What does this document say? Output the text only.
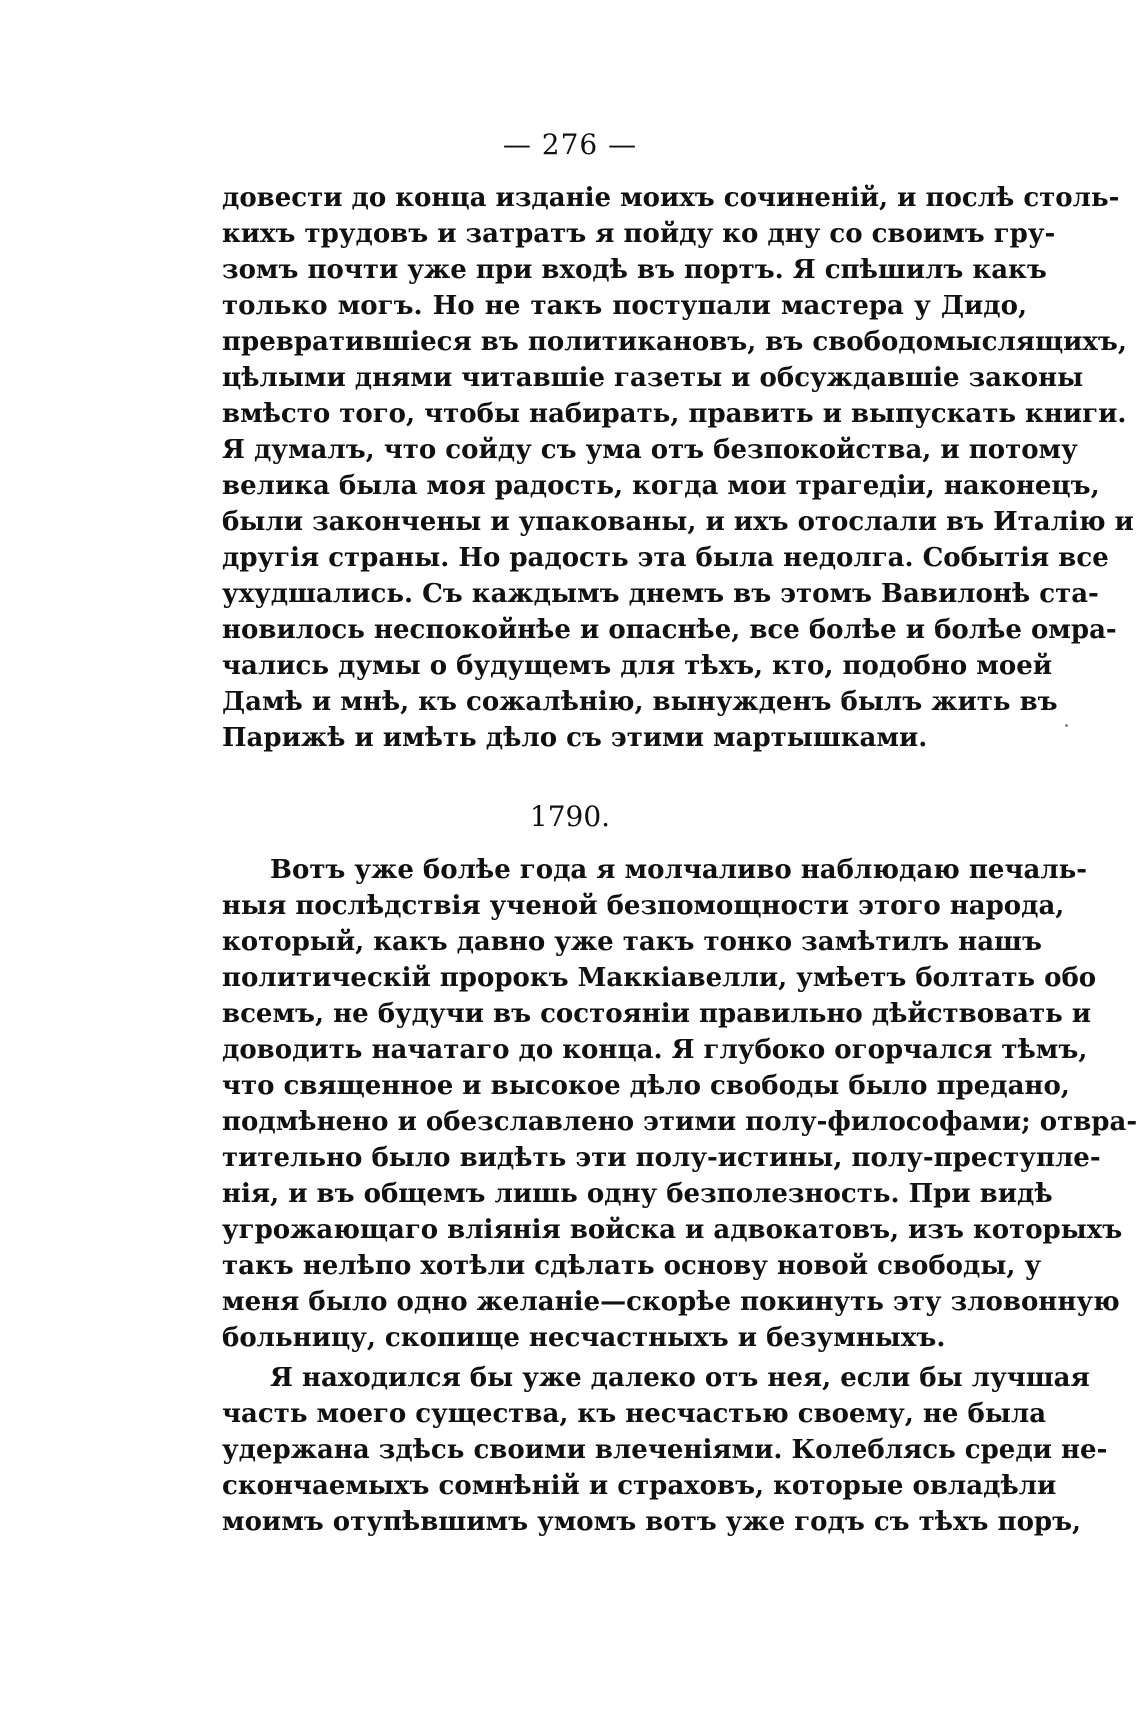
— 276 —
довести до конца изданіе моихъ сочиненій, и послѣ столь-
кихъ трудовъ и затратъ я пойду ко дну со своимъ гру-
зомъ почти уже при входѣ въ портъ. Я спѣшилъ какъ
только могъ. Но не такъ поступали мастера у Дидо,
превратившіеся въ политикановъ, въ свободомыслящихъ,
цѣлыми днями читавшіе газеты и обсуждавшіе законы
вмѣсто того, чтобы набирать, править и выпускать книги.
Я думалъ, что сойду съ ума отъ безпокойства, и потому
велика была моя радость, когда мои трагедіи, наконецъ,
были закончены и упакованы, и ихъ отослали въ Италію и
другія страны. Но радость эта была недолга. Событія все
ухудшались. Съ каждымъ днемъ въ этомъ Вавилонѣ ста-
новилось неспокойнѣе и опаснѣе, все болѣе и болѣе омра-
чались думы о будущемъ для тѣхъ, кто, подобно моей
Дамѣ и мнѣ, къ сожалѣнію, вынужденъ былъ жить въ
Парижѣ и имѣть дѣло съ этими мартышками.
1790.
Вотъ уже болѣе года я молчаливо наблюдаю печаль-
ныя послѣдствія ученой безпомощности этого народа,
который, какъ давно уже такъ тонко замѣтилъ нашъ
политическій пророкъ Маккіавелли, умѣетъ болтать обо
всемъ, не будучи въ состояніи правильно дѣйствовать и
доводить начатаго до конца. Я глубоко огорчался тѣмъ,
что священное и высокое дѣло свободы было предано,
подмѣнено и обезславлено этими полу-философами; отвра-
тительно было видѣть эти полу-истины, полу-преступле-
нія, и въ общемъ лишь одну безполезность. При видѣ
угрожающаго вліянія войска и адвокатовъ, изъ которыхъ
такъ нелѣпо хотѣли сдѣлать основу новой свободы, у
меня было одно желаніе—скорѣе покинуть эту зловонную
больницу, скопище несчастныхъ и безумныхъ.
Я находился бы уже далеко отъ нея, если бы лучшая
часть моего существа, къ несчастью своему, не была
удержана здѣсь своими влеченіями. Колеблясь среди не-
скончаемыхъ сомнѣній и страховъ, которые овладѣли
моимъ отупѣвшимъ умомъ вотъ уже годъ съ тѣхъ поръ,
